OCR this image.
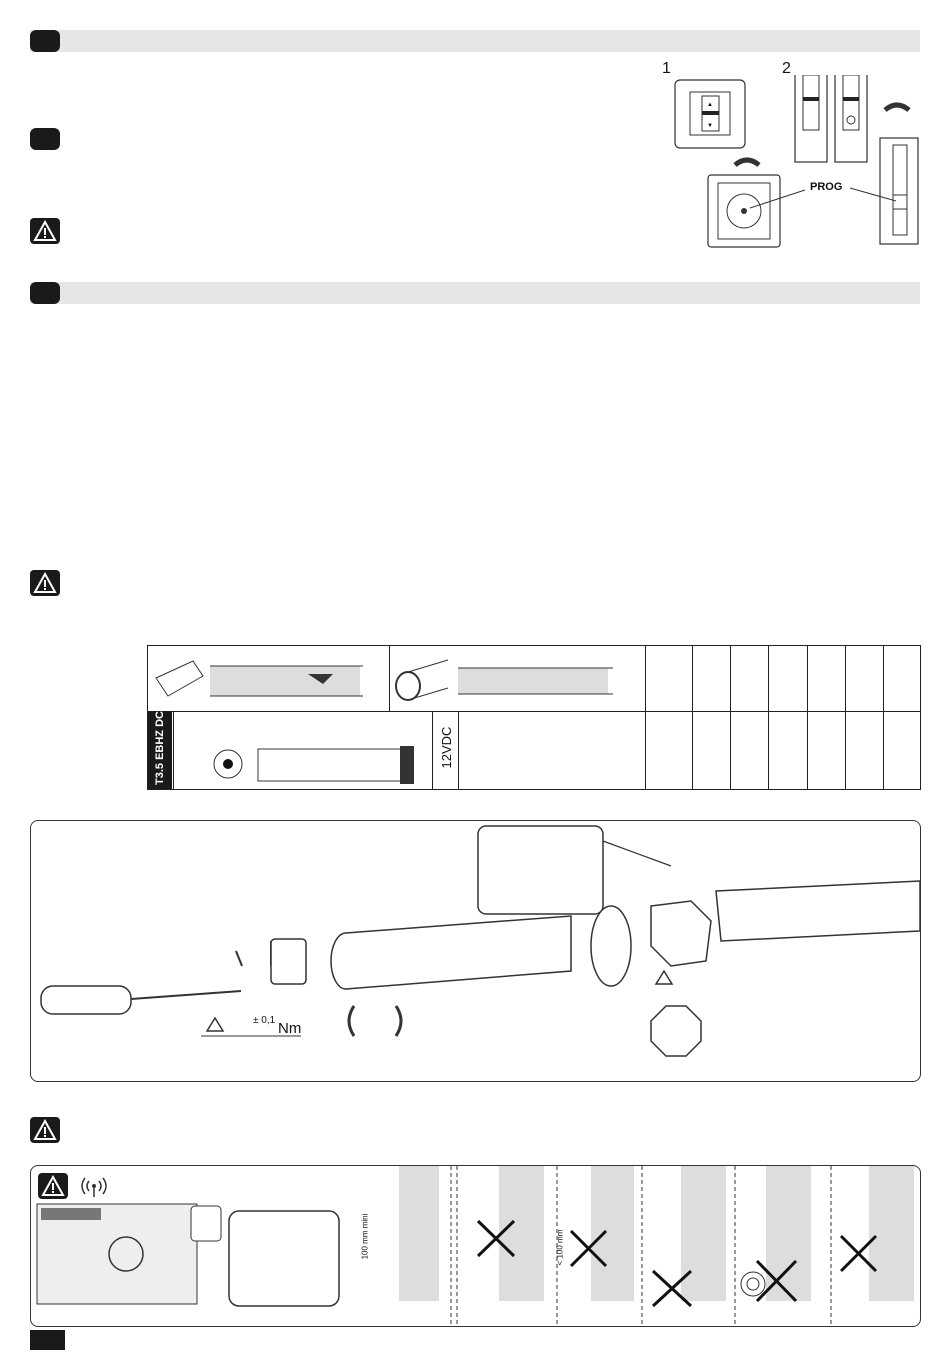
1	2
▲
▼
PROG
T3.5 EBHZ DC	12VDC
± 0,1 Nm
100 mm mini	< 100 mm
